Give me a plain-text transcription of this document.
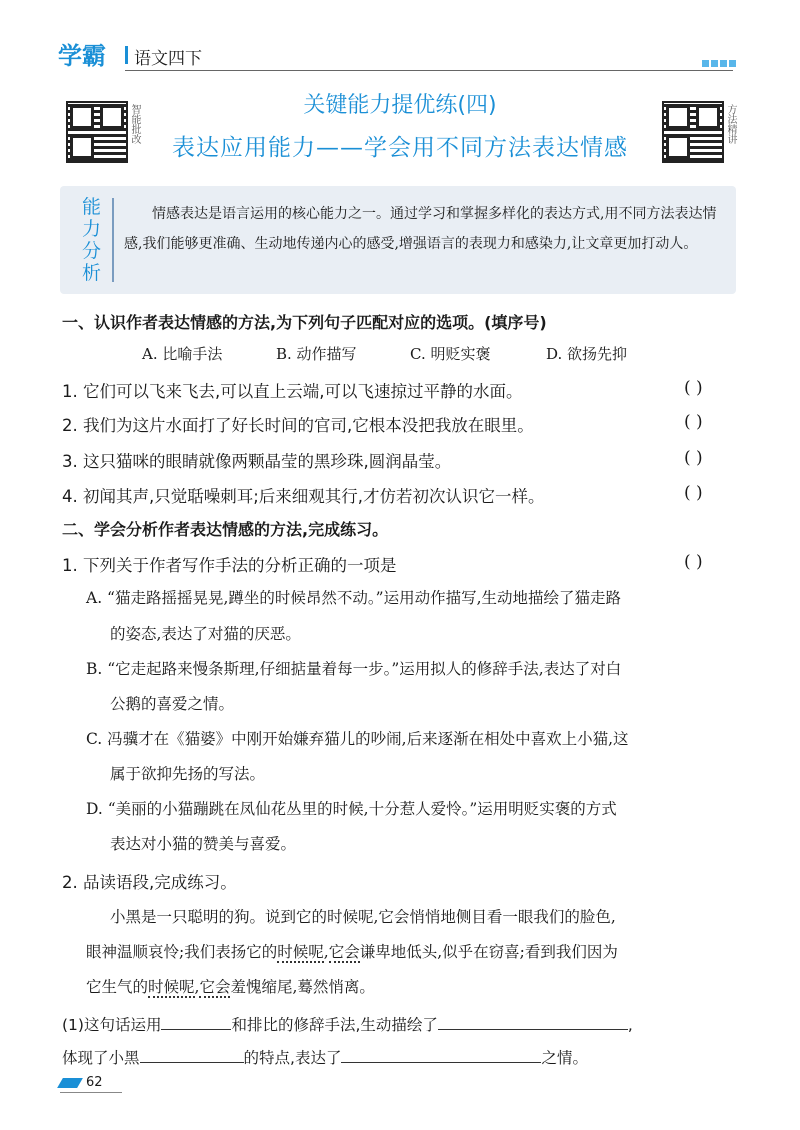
学霸 语文四下
智能批改	方法精讲
关键能力提优练(四)
表达应用能力——学会用不同方法表达情感
能
力
分
析
情感表达是语言运用的核心能力之一。通过学习和掌握多样化的表达方式,用不同方法表达情感,我们能够更准确、生动地传递内心的感受,增强语言的表现力和感染力,让文章更加打动人。
一、认识作者表达情感的方法,为下列句子匹配对应的选项。(填序号)
A. 比喻手法	B. 动作描写	C. 明贬实褒	D. 欲扬先抑
1. 它们可以飞来飞去,可以直上云端,可以飞速掠过平静的水面。	( )
2. 我们为这片水面打了好长时间的官司,它根本没把我放在眼里。	( )
3. 这只猫咪的眼睛就像两颗晶莹的黑珍珠,圆润晶莹。	( )
4. 初闻其声,只觉聒噪刺耳;后来细观其行,才仿若初次认识它一样。	( )
二、学会分析作者表达情感的方法,完成练习。
1. 下列关于作者写作手法的分析正确的一项是	( )
A. “猫走路摇摇晃晃,蹲坐的时候昂然不动。”运用动作描写,生动地描绘了猫走路
的姿态,表达了对猫的厌恶。
B. “它走起路来慢条斯理,仔细掂量着每一步。”运用拟人的修辞手法,表达了对白
公鹅的喜爱之情。
C. 冯骥才在《猫婆》中刚开始嫌弃猫儿的吵闹,后来逐渐在相处中喜欢上小猫,这
属于欲抑先扬的写法。
D. “美丽的小猫蹦跳在凤仙花丛里的时候,十分惹人爱怜。”运用明贬实褒的方式
表达对小猫的赞美与喜爱。
2. 品读语段,完成练习。
小黑是一只聪明的狗。说到它的时候呢,它会悄悄地侧目看一眼我们的脸色,
眼神温顺哀怜;我们表扬它的时候呢,它会谦卑地低头,似乎在窃喜;看到我们因为
它生气的时候呢,它会羞愧缩尾,蓦然悄离。
(1)这句话运用	和排比的修辞手法,生动描绘了	,
体现了小黑	的特点,表达了	之情。
62
